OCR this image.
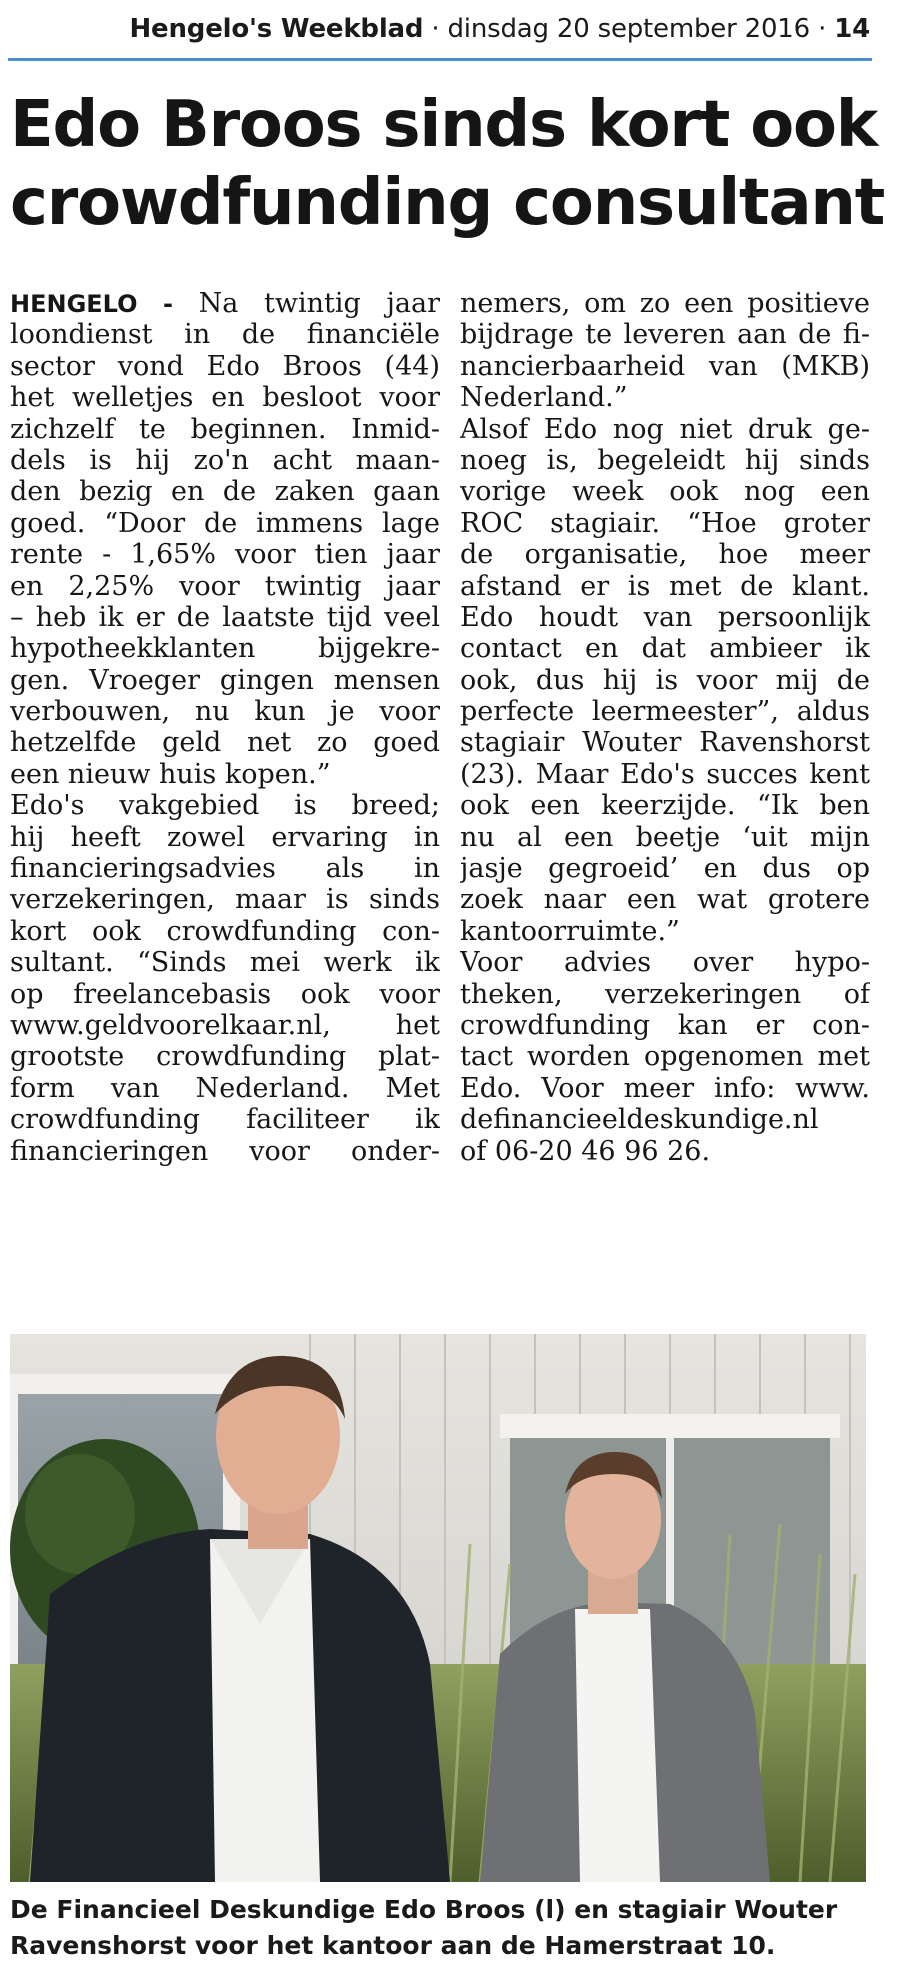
Hengelo's Weekblad · dinsdag 20 september 2016 · 14
Edo Broos sinds kort ook
crowdfunding consultant
HENGELO - Na twintig jaar
loondienst in de financiële
sector vond Edo Broos (44)
het welletjes en besloot voor
zichzelf te beginnen. Inmid-
dels is hij zo'n acht maan-
den bezig en de zaken gaan
goed. “Door de immens lage
rente - 1,65% voor tien jaar
en 2,25% voor twintig jaar
– heb ik er de laatste tijd veel
hypotheekklanten bijgekre-
gen. Vroeger gingen mensen
verbouwen, nu kun je voor
hetzelfde geld net zo goed
een nieuw huis kopen.”
Edo's vakgebied is breed;
hij heeft zowel ervaring in
financieringsadvies als in
verzekeringen, maar is sinds
kort ook crowdfunding con-
sultant. “Sinds mei werk ik
op freelancebasis ook voor
www.geldvoorelkaar.nl, het
grootste crowdfunding plat-
form van Nederland. Met
crowdfunding faciliteer ik
financieringen voor onder-
nemers, om zo een positieve
bijdrage te leveren aan de fi-
nancierbaarheid van (MKB)
Nederland.”
Alsof Edo nog niet druk ge-
noeg is, begeleidt hij sinds
vorige week ook nog een
ROC stagiair. “Hoe groter
de organisatie, hoe meer
afstand er is met de klant.
Edo houdt van persoonlijk
contact en dat ambieer ik
ook, dus hij is voor mij de
perfecte leermeester”, aldus
stagiair Wouter Ravenshorst
(23). Maar Edo's succes kent
ook een keerzijde. “Ik ben
nu al een beetje ‘uit mijn
jasje gegroeid’ en dus op
zoek naar een wat grotere
kantoorruimte.”
Voor advies over hypo-
theken, verzekeringen of
crowdfunding kan er con-
tact worden opgenomen met
Edo. Voor meer info: www.
definancieeldeskundige.nl
of 06-20 46 96 26.
De Financieel Deskundige Edo Broos (l) en stagiair Wouter
Ravenshorst voor het kantoor aan de Hamerstraat 10.
